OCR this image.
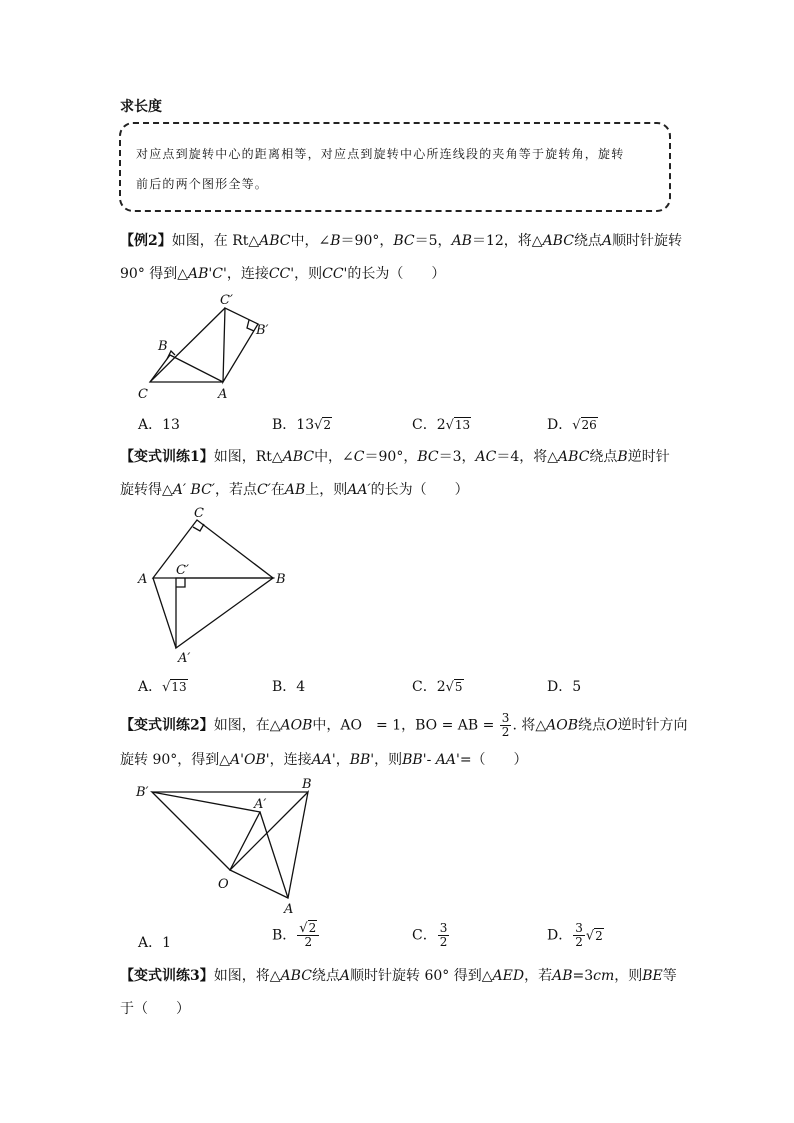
求长度
对应点到旋转中心的距离相等，对应点到旋转中心所连线段的夹角等于旋转角，旋转
前后的两个图形全等。
【例2】如图，在 Rt△ABC中，∠B＝90°，BC＝5，AB＝12，将△ABC绕点A顺时针旋转
90° 得到△AB'C'，连接CC'，则CC'的长为（　　）
C′
B′
B
C	A
A．13	B．13√2	C．2√13	D．√26
【变式训练1】如图，Rt△ABC中，∠C＝90°，BC＝3，AC＝4，将△ABC绕点B逆时针
旋转得△A′ BC′，若点C′在AB上，则AA′的长为（　　）
C
A
C′
B
A′
A．√13	B．4	C．2√5	D．5
【变式训练2】如图，在△AOB中，AO　= 1，BO = AB = $\frac{3}{2}$ . 将△AOB绕点O逆时针方向
旋转 90°，得到△A'OB'，连接AA'，BB'，则BB'- AA'=（　　）
B′
B
A′
O
A
A．1	B． $\frac{√2}{2}$	C． $\frac{3}{2}$	D． $\frac{3}{2} √2$
【变式训练3】如图，将△ABC绕点A顺时针旋转 60° 得到△AED，若AB=3cm，则BE等
于（　　）
